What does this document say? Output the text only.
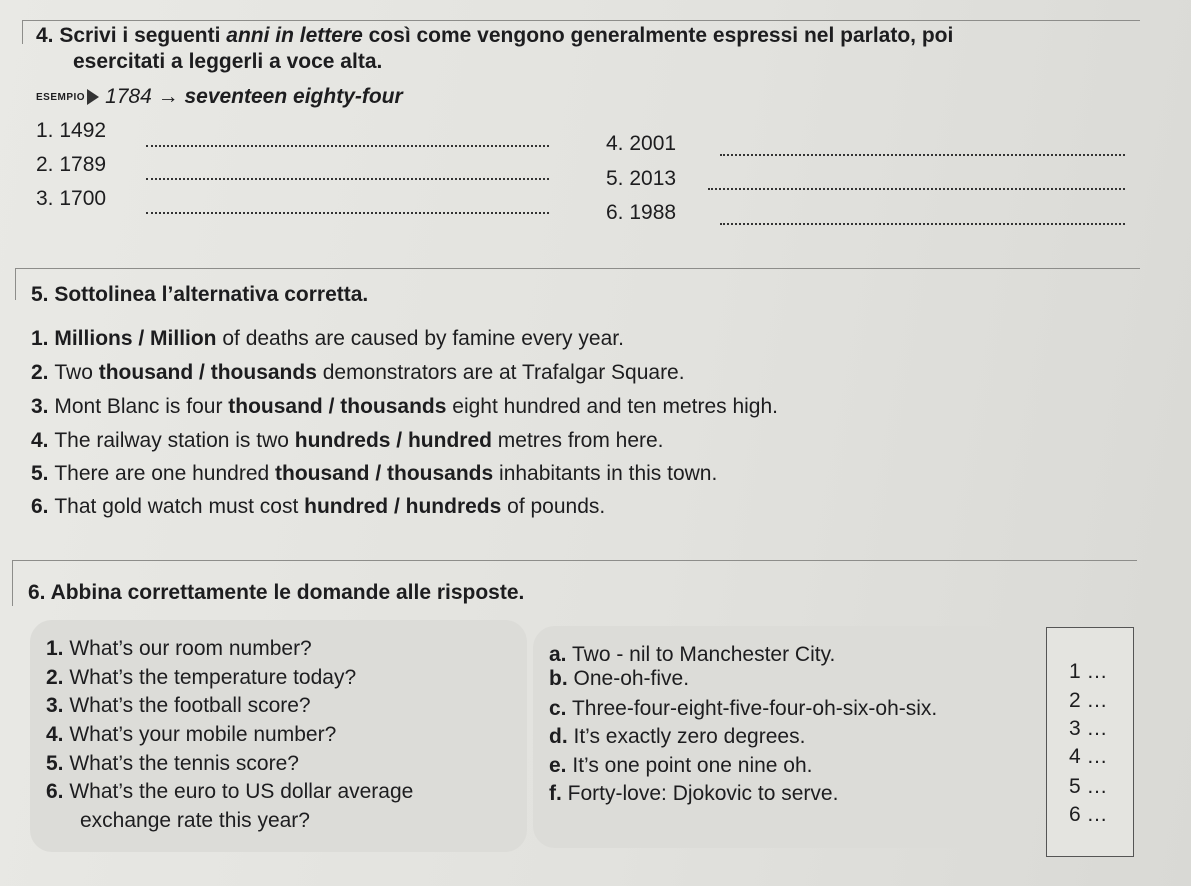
4. Scrivi i seguenti anni in lettere così come vengono generalmente espressi nel parlato, poi
esercitati a leggerli a voce alta.
ESEMPIO 1784 → seventeen eighty-four
1. 1492
2. 1789
3. 1700
4. 2001
5. 2013
6. 1988
5. Sottolinea l’alternativa corretta.
1. Millions / Million of deaths are caused by famine every year.
2. Two thousand / thousands demonstrators are at Trafalgar Square.
3. Mont Blanc is four thousand / thousands eight hundred and ten metres high.
4. The railway station is two hundreds / hundred metres from here.
5. There are one hundred thousand / thousands inhabitants in this town.
6. That gold watch must cost hundred / hundreds of pounds.
6. Abbina correttamente le domande alle risposte.
1. What’s our room number?
2. What’s the temperature today?
3. What’s the football score?
4. What’s your mobile number?
5. What’s the tennis score?
6. What’s the euro to US dollar average
exchange rate this year?
a. Two - nil to Manchester City.
b. One-oh-five.
c. Three-four-eight-five-four-oh-six-oh-six.
d. It’s exactly zero degrees.
e. It’s one point one nine oh.
f. Forty-love: Djokovic to serve.
1 …
2 …
3 …
4 …
5 …
6 …
